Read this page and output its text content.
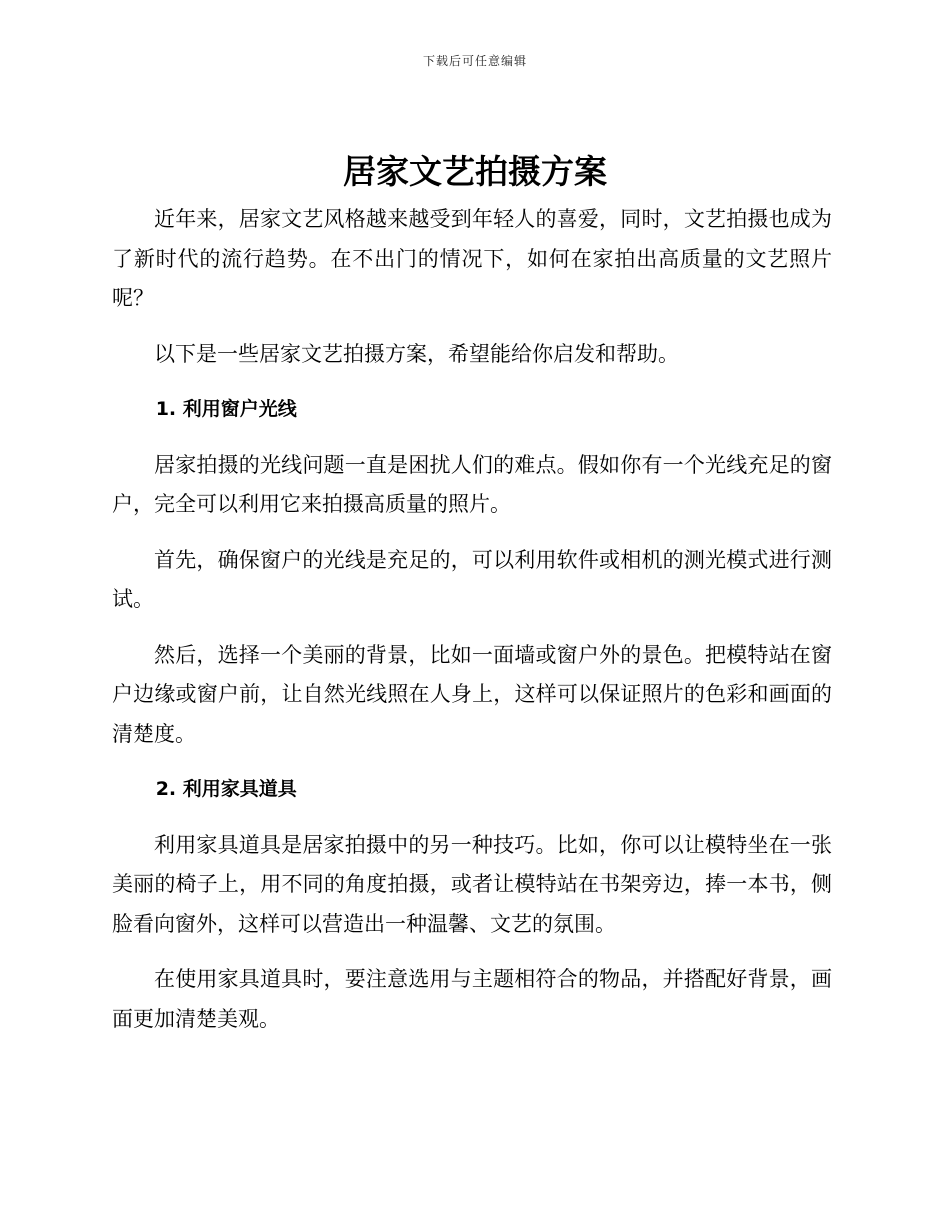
下载后可任意编辑
居家文艺拍摄方案

近年来，居家文艺风格越来越受到年轻人的喜爱，同时，文艺拍摄也成为了新时代的流行趋势。在不出门的情况下，如何在家拍出高质量的文艺照片呢？

以下是一些居家文艺拍摄方案，希望能给你启发和帮助。

1. 利用窗户光线

居家拍摄的光线问题一直是困扰人们的难点。假如你有一个光线充足的窗户，完全可以利用它来拍摄高质量的照片。

首先，确保窗户的光线是充足的，可以利用软件或相机的测光模式进行测试。

然后，选择一个美丽的背景，比如一面墙或窗户外的景色。把模特站在窗户边缘或窗户前，让自然光线照在人身上，这样可以保证照片的色彩和画面的清楚度。

2. 利用家具道具

利用家具道具是居家拍摄中的另一种技巧。比如，你可以让模特坐在一张美丽的椅子上，用不同的角度拍摄，或者让模特站在书架旁边，捧一本书，侧脸看向窗外，这样可以营造出一种温馨、文艺的氛围。

在使用家具道具时，要注意选用与主题相符合的物品，并搭配好背景，画面更加清楚美观。
